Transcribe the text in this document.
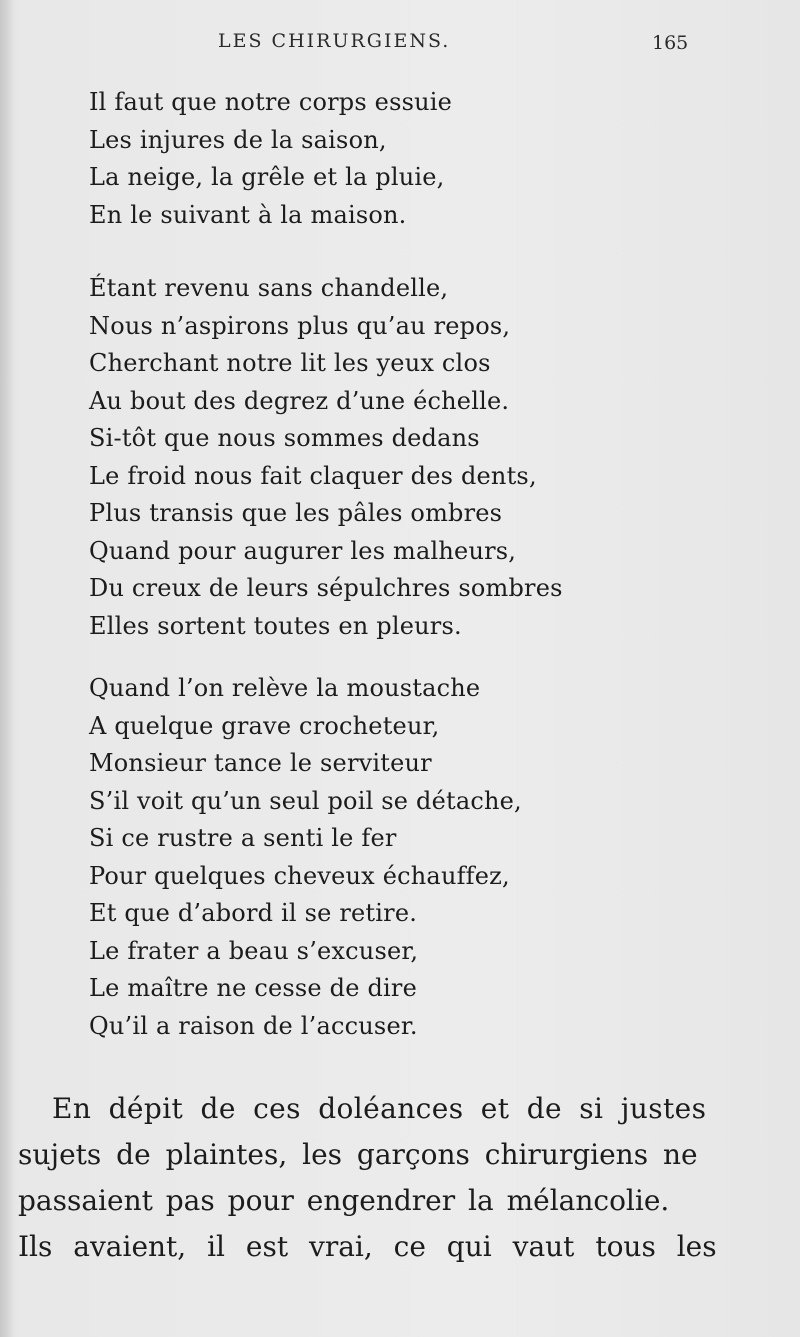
LES CHIRURGIENS.	165
Il faut que notre corps essuie
Les injures de la saison,
La neige, la grêle et la pluie,
En le suivant à la maison.
Étant revenu sans chandelle,
Nous n’aspirons plus qu’au repos,
Cherchant notre lit les yeux clos
Au bout des degrez d’une échelle.
Si-tôt que nous sommes dedans
Le froid nous fait claquer des dents,
Plus transis que les pâles ombres
Quand pour augurer les malheurs,
Du creux de leurs sépulchres sombres
Elles sortent toutes en pleurs.
Quand l’on relève la moustache
A quelque grave crocheteur,
Monsieur tance le serviteur
S’il voit qu’un seul poil se détache,
Si ce rustre a senti le fer
Pour quelques cheveux échauffez,
Et que d’abord il se retire.
Le frater a beau s’excuser,
Le maître ne cesse de dire
Qu’il a raison de l’accuser.
En dépit de ces doléances et de si justes
sujets de plaintes, les garçons chirurgiens ne
passaient pas pour engendrer la mélancolie.
Ils avaient, il est vrai, ce qui vaut tous les
